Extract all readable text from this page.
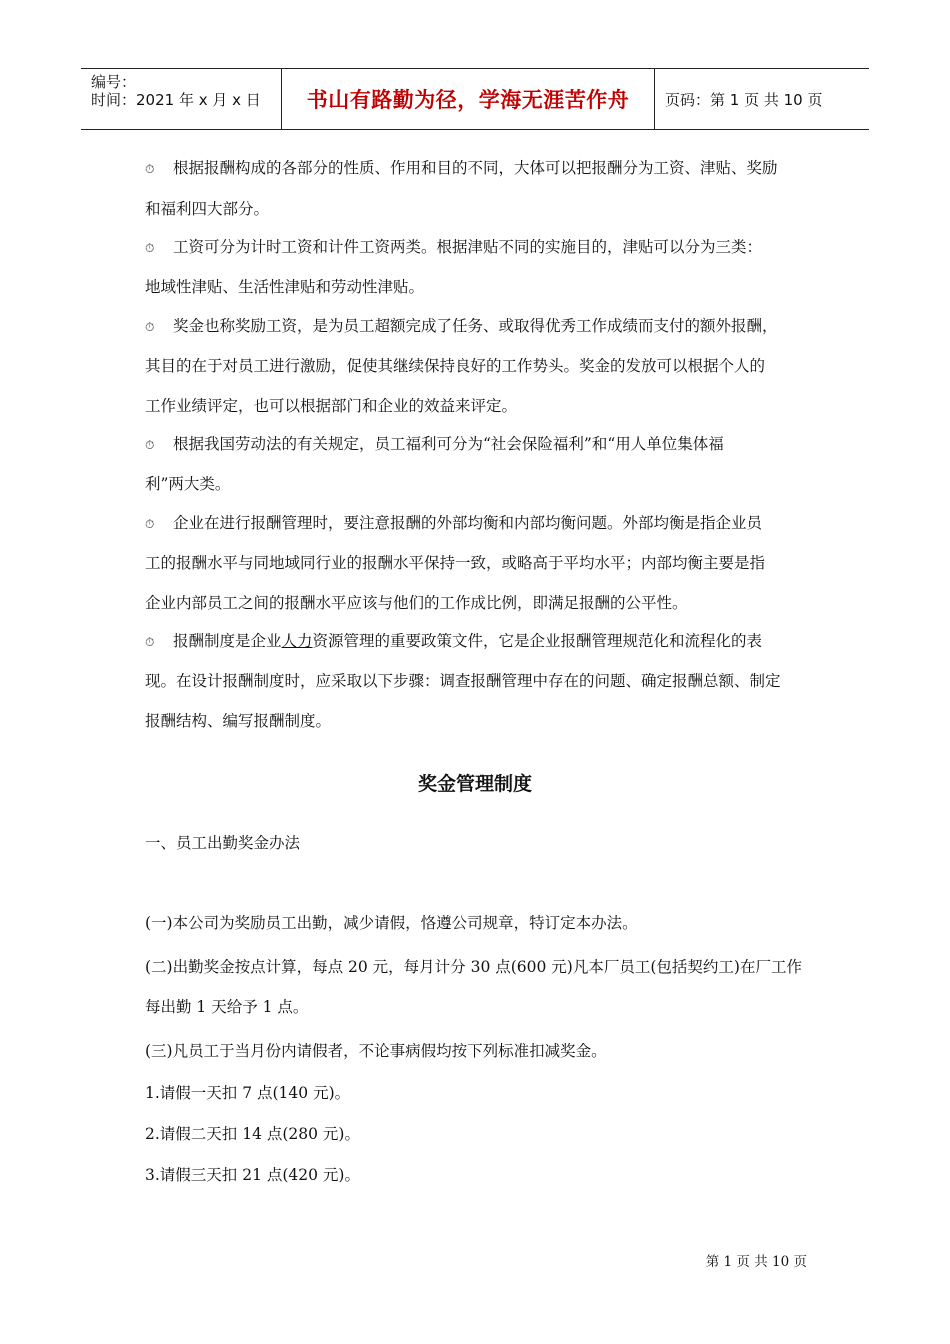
编号：
时间：2021 年 x 月 x 日 书山有路勤为径，学海无涯苦作舟 页码：第 1 页 共 10 页
⏱ 根据报酬构成的各部分的性质、作用和目的不同，大体可以把报酬分为工资、津贴、奖励
和福利四大部分。
⏱ 工资可分为计时工资和计件工资两类。根据津贴不同的实施目的，津贴可以分为三类：
地域性津贴、生活性津贴和劳动性津贴。
⏱ 奖金也称奖励工资，是为员工超额完成了任务、或取得优秀工作成绩而支付的额外报酬，
其目的在于对员工进行激励，促使其继续保持良好的工作势头。奖金的发放可以根据个人的
工作业绩评定，也可以根据部门和企业的效益来评定。
⏱ 根据我国劳动法的有关规定，员工福利可分为“社会保险福利”和“用人单位集体福
利”两大类。
⏱ 企业在进行报酬管理时，要注意报酬的外部均衡和内部均衡问题。外部均衡是指企业员
工的报酬水平与同地域同行业的报酬水平保持一致，或略高于平均水平；内部均衡主要是指
企业内部员工之间的报酬水平应该与他们的工作成比例，即满足报酬的公平性。
⏱ 报酬制度是企业人力资源管理的重要政策文件，它是企业报酬管理规范化和流程化的表
现。在设计报酬制度时，应采取以下步骤：调查报酬管理中存在的问题、确定报酬总额、制定
报酬结构、编写报酬制度。
奖金管理制度
一、员工出勤奖金办法
(一)本公司为奖励员工出勤，减少请假，恪遵公司规章，特订定本办法。
(二)出勤奖金按点计算，每点 20 元，每月计分 30 点(600 元)凡本厂员工(包括契约工)在厂工作
每出勤 1 天给予 1 点。
(三)凡员工于当月份内请假者，不论事病假均按下列标准扣减奖金。
1.请假一天扣 7 点(140 元)。
2.请假二天扣 14 点(280 元)。
3.请假三天扣 21 点(420 元)。
第 1 页 共 10 页
